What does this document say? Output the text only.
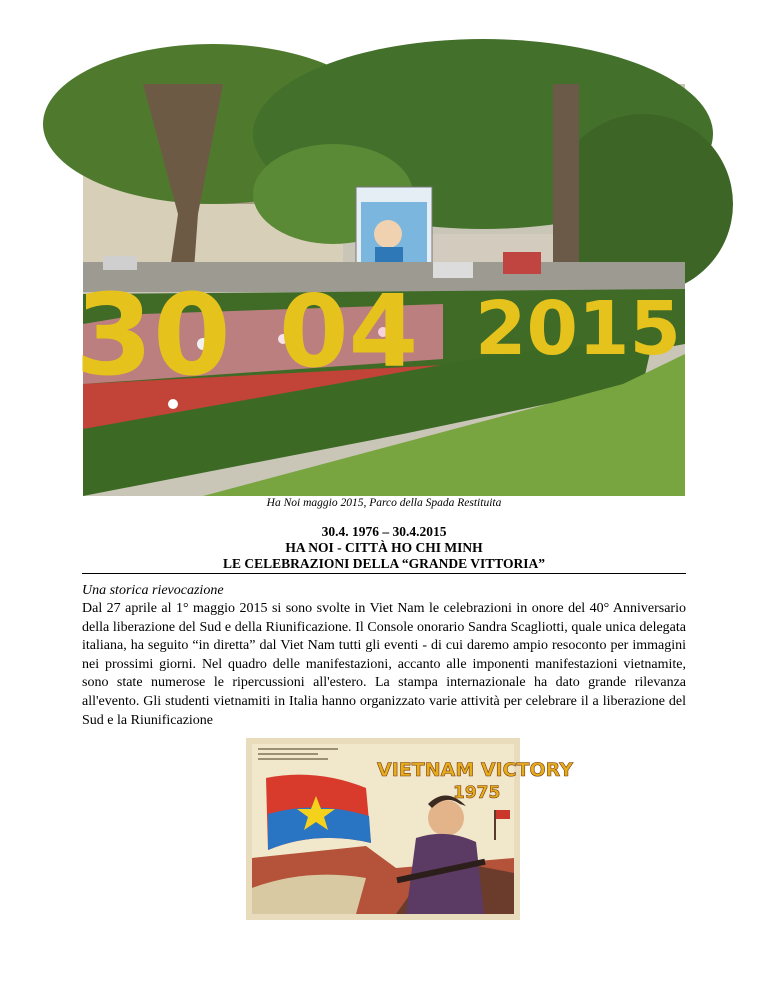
30 04 2015
Ha Noi maggio 2015, Parco della Spada Restituita
30.4. 1976 – 30.4.2015
HA NOI - CITTÀ HO CHI MINH
LE CELEBRAZIONI DELLA “GRANDE VITTORIA”
Una storica rievocazione

Dal 27 aprile al 1° maggio 2015 si sono svolte in Viet Nam le celebrazioni in onore del 40° Anniversario della liberazione del Sud e della Riunificazione. Il Console onorario Sandra Scagliotti, quale unica delegata italiana, ha seguito “in diretta” dal Viet Nam tutti gli eventi - di cui daremo ampio resoconto per immagini nei prossimi giorni. Nel quadro delle manifestazioni, accanto alle imponenti manifestazioni vietnamite, sono state numerose le ripercussioni all'estero. La stampa internazionale ha dato grande rilevanza all'evento. Gli studenti vietnamiti in Italia hanno organizzato varie attività per celebrare il a liberazione del Sud e la Riunificazione

VIETNAM VICTORY
1975
